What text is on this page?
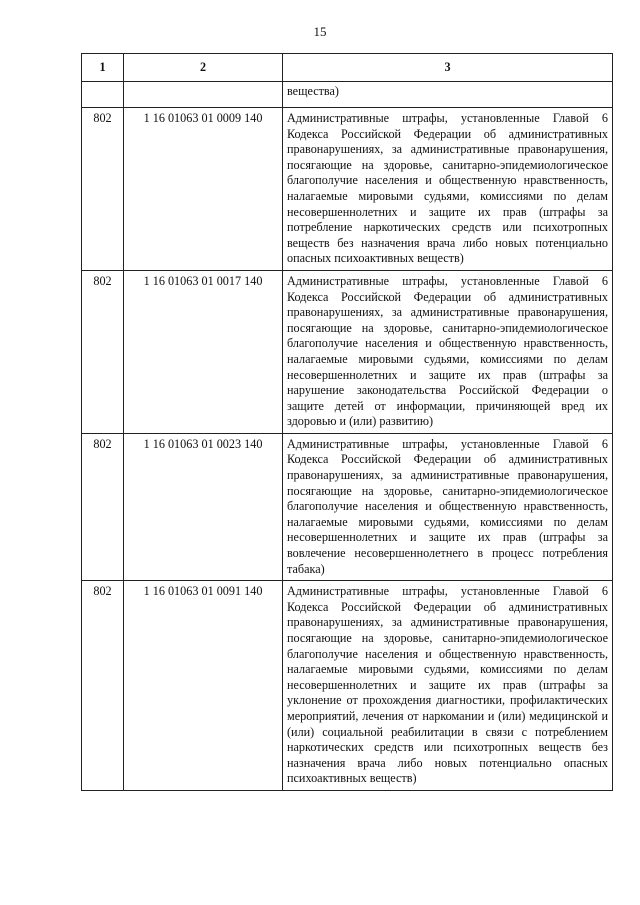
15
1	2	3
		вещества)
802	1 16 01063 01 0009 140	Административные штрафы, установленные Главой 6 Кодекса Российской Федерации об административных правонарушениях, за административные правонарушения, посягающие на здоровье, санитарно-эпидемиологическое благополучие населения и общественную нравственность, налагаемые мировыми судьями, комиссиями по делам несовершеннолетних и защите их прав (штрафы за потребление наркотических средств или психотропных веществ без назначения врача либо новых потенциально опасных психоактивных веществ)
802	1 16 01063 01 0017 140	Административные штрафы, установленные Главой 6 Кодекса Российской Федерации об административных правонарушениях, за административные правонарушения, посягающие на здоровье, санитарно-эпидемиологическое благополучие населения и общественную нравственность, налагаемые мировыми судьями, комиссиями по делам несовершеннолетних и защите их прав (штрафы за нарушение законодательства Российской Федерации о защите детей от информации, причиняющей вред их здоровью и (или) развитию)
802	1 16 01063 01 0023 140	Административные штрафы, установленные Главой 6 Кодекса Российской Федерации об административных правонарушениях, за административные правонарушения, посягающие на здоровье, санитарно-эпидемиологическое благополучие населения и общественную нравственность, налагаемые мировыми судьями, комиссиями по делам несовершеннолетних и защите их прав (штрафы за вовлечение несовершеннолетнего в процесс потребления табака)
802	1 16 01063 01 0091 140	Административные штрафы, установленные Главой 6 Кодекса Российской Федерации об административных правонарушениях, за административные правонарушения, посягающие на здоровье, санитарно-эпидемиологическое благополучие населения и общественную нравственность, налагаемые мировыми судьями, комиссиями по делам несовершеннолетних и защите их прав (штрафы за уклонение от прохождения диагностики, профилактических мероприятий, лечения от наркомании и (или) медицинской и (или) социальной реабилитации в связи с потреблением наркотических средств или психотропных веществ без назначения врача либо новых потенциально опасных психоактивных веществ)
